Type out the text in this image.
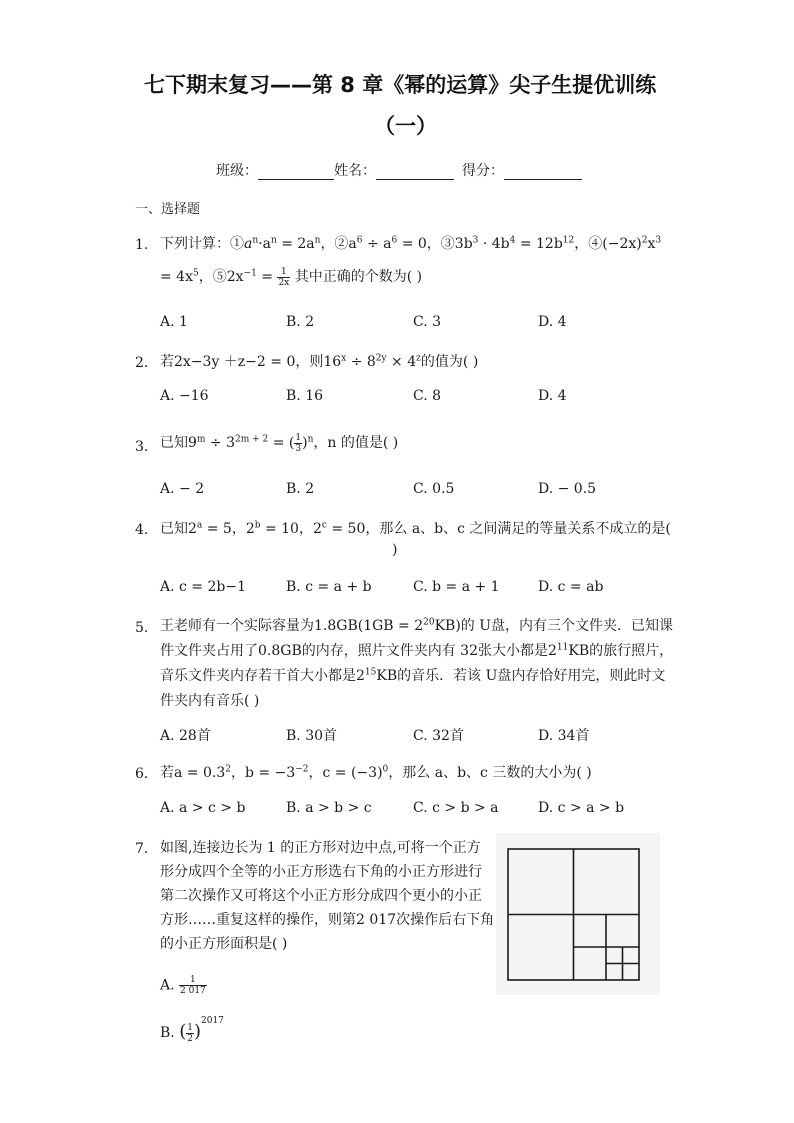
七下期末复习——第 8 章《幂的运算》尖子生提优训练
（一）
班级：	姓名：	得分：
一、选择题
1. 下列计算：$①a^n\cdot a^n = 2a^n$，$②a^6 \div a^6 = 0$，$③3b^3 \cdot 4b^4 = 12b^{12}$，$④(-2x)^2x^3$
= $4x^5$，$⑤2x^{-1} = \frac{1}{2x}$ 其中正确的个数为( )
A. 1	B. 2	C. 3	D. 4
2. 若2x−3y ＋z−2 = 0，则$16^x \div 8^{2y} \times 4^z$的值为( )
A. −16	B. 16	C. 8	D. 4
3. 已知$9^m \div 3^{2m + 2}$ = ( $\frac{1}{3} )^n$，n 的值是( )
A. − 2	B. 2	C. 0.5	D. − 0.5
4. 已知$2^a = 5$，$2^b = 10$，$2^c = 50$，那么 a、b、c 之间满足的等量关系不成立的是(
)
A. c = 2b−1	B. c = a + b	C. b = a + 1	D. c = ab
5. 王老师有一个实际容量为$1.8GB(1GB = 2^{20}KB)$的 U盘，内有三个文件夹．已知课
件文件夹占用了0.8GB的内存，照片文件夹内有 32张大小都是$2^{11}KB$的旅行照片，
音乐文件夹内存若干首大小都是$2^{15}KB$的音乐．若该 U盘内存恰好用完，则此时文
件夹内有音乐( )
A. 28首	B. 30首	C. 32首	D. 34首
6. 若$a = 0.3^2$，$b = -3^{-2}$，$c = (-3)^0$，那么 a、b、c 三数的大小为( )
A. a > c > b	B. a > b > c	C. c > b > a	D. c > a > b
7. 如图,连接边长为 1 的正方形对边中点,可将一个正方
形分成四个全等的小正方形选右下角的小正方形进行
第二次操作又可将这个小正方形分成四个更小的小正
方形……重复这样的操作，则第2 017次操作后右下角
的小正方形面积是( )
A. $\frac{1}{2 017}$
B. ( $\frac{1}{2} )^{2017}$
